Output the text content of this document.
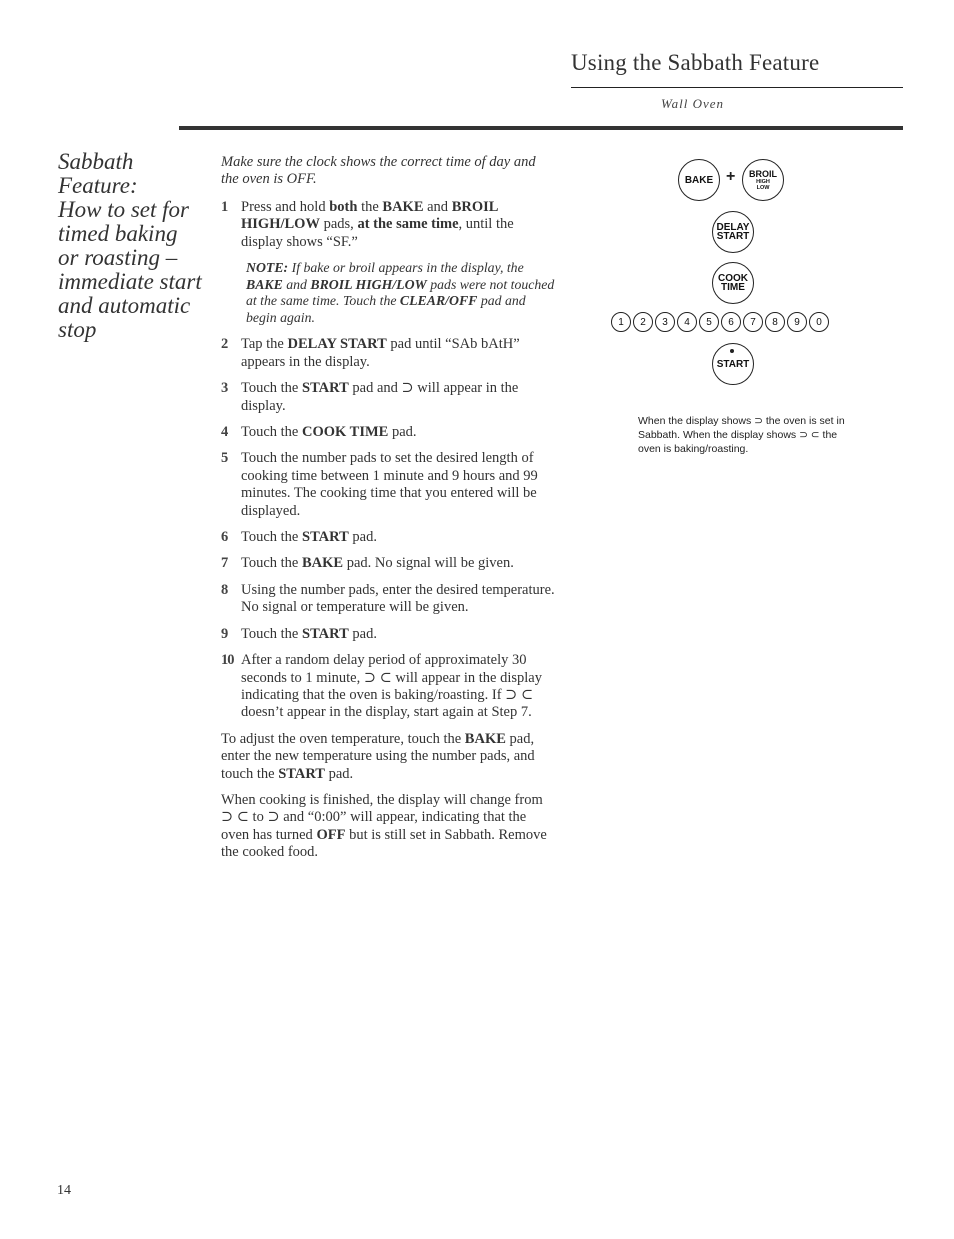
Using the Sabbath Feature
Wall Oven
Sabbath
Feature:
How to set for
timed baking
or roasting –
immediate start
and automatic
stop

Make sure the clock shows the correct time of day and the oven is OFF.

1 Press and hold both the BAKE and BROIL HIGH/LOW pads, at the same time, until the display shows “SF.”
NOTE: If bake or broil appears in the display, the BAKE and BROIL HIGH/LOW pads were not touched at the same time. Touch the CLEAR/OFF pad and begin again.
2 Tap the DELAY START pad until “SAb bAtH” appears in the display.
3 Touch the START pad and ⊃ will appear in the display.
4 Touch the COOK TIME pad.
5 Touch the number pads to set the desired length of cooking time between 1 minute and 9 hours and 99 minutes. The cooking time that you entered will be displayed.
6 Touch the START pad.
7 Touch the BAKE pad. No signal will be given.
8 Using the number pads, enter the desired temperature. No signal or temperature will be given.
9 Touch the START pad.
10 After a random delay period of approximately 30 seconds to 1 minute, ⊃ ⊂ will appear in the display indicating that the oven is baking/roasting. If ⊃ ⊂ doesn’t appear in the display, start again at Step 7.

To adjust the oven temperature, touch the BAKE pad, enter the new temperature using the number pads, and touch the START pad.

When cooking is finished, the display will change from ⊃ ⊂ to ⊃ and “0:00” will appear, indicating that the oven has turned OFF but is still set in Sabbath. Remove the cooked food.

BAKE + BROIL
HIGH
LOW
DELAY
START
COOK
TIME
1	2	3	4	5	6	7	8	9	0
START
When the display shows ⊃ the oven is set in Sabbath. When the display shows ⊃ ⊂ the oven is baking/roasting.
14
